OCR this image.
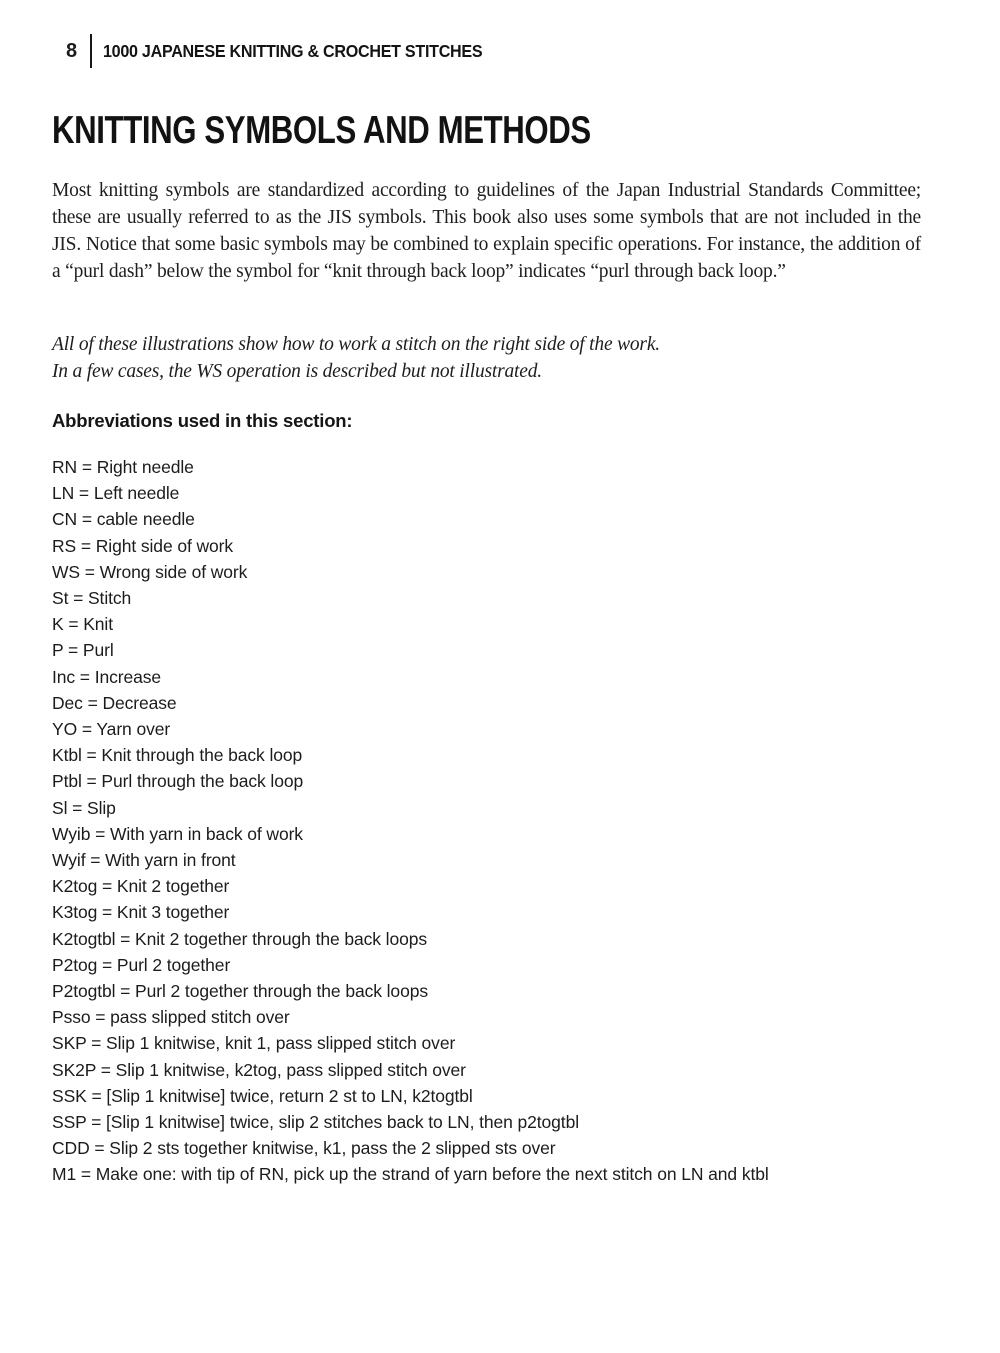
8 1000 JAPANESE KNITTING & CROCHET STITCHES
KNITTING SYMBOLS AND METHODS

Most knitting symbols are standardized according to guidelines of the Japan Industrial Standards Committee; these are usually referred to as the JIS symbols. This book also uses some symbols that are not included in the JIS. Notice that some basic symbols may be combined to explain specific operations. For instance, the addition of a “purl dash” below the symbol for “knit through back loop” indicates “purl through back loop.”

All of these illustrations show how to work a stitch on the right side of the work.
In a few cases, the WS operation is described but not illustrated.
Abbreviations used in this section:
RN = Right needle
LN = Left needle
CN = cable needle
RS = Right side of work
WS = Wrong side of work
St = Stitch
K = Knit
P = Purl
Inc = Increase
Dec = Decrease
YO = Yarn over
Ktbl = Knit through the back loop
Ptbl = Purl through the back loop
Sl = Slip
Wyib = With yarn in back of work
Wyif = With yarn in front
K2tog = Knit 2 together
K3tog = Knit 3 together
K2togtbl = Knit 2 together through the back loops
P2tog = Purl 2 together
P2togtbl = Purl 2 together through the back loops
Psso = pass slipped stitch over
SKP = Slip 1 knitwise, knit 1, pass slipped stitch over
SK2P = Slip 1 knitwise, k2tog, pass slipped stitch over
SSK = [Slip 1 knitwise] twice, return 2 st to LN, k2togtbl
SSP = [Slip 1 knitwise] twice, slip 2 stitches back to LN, then p2togtbl
CDD = Slip 2 sts together knitwise, k1, pass the 2 slipped sts over
M1 = Make one: with tip of RN, pick up the strand of yarn before the next stitch on LN and ktbl
